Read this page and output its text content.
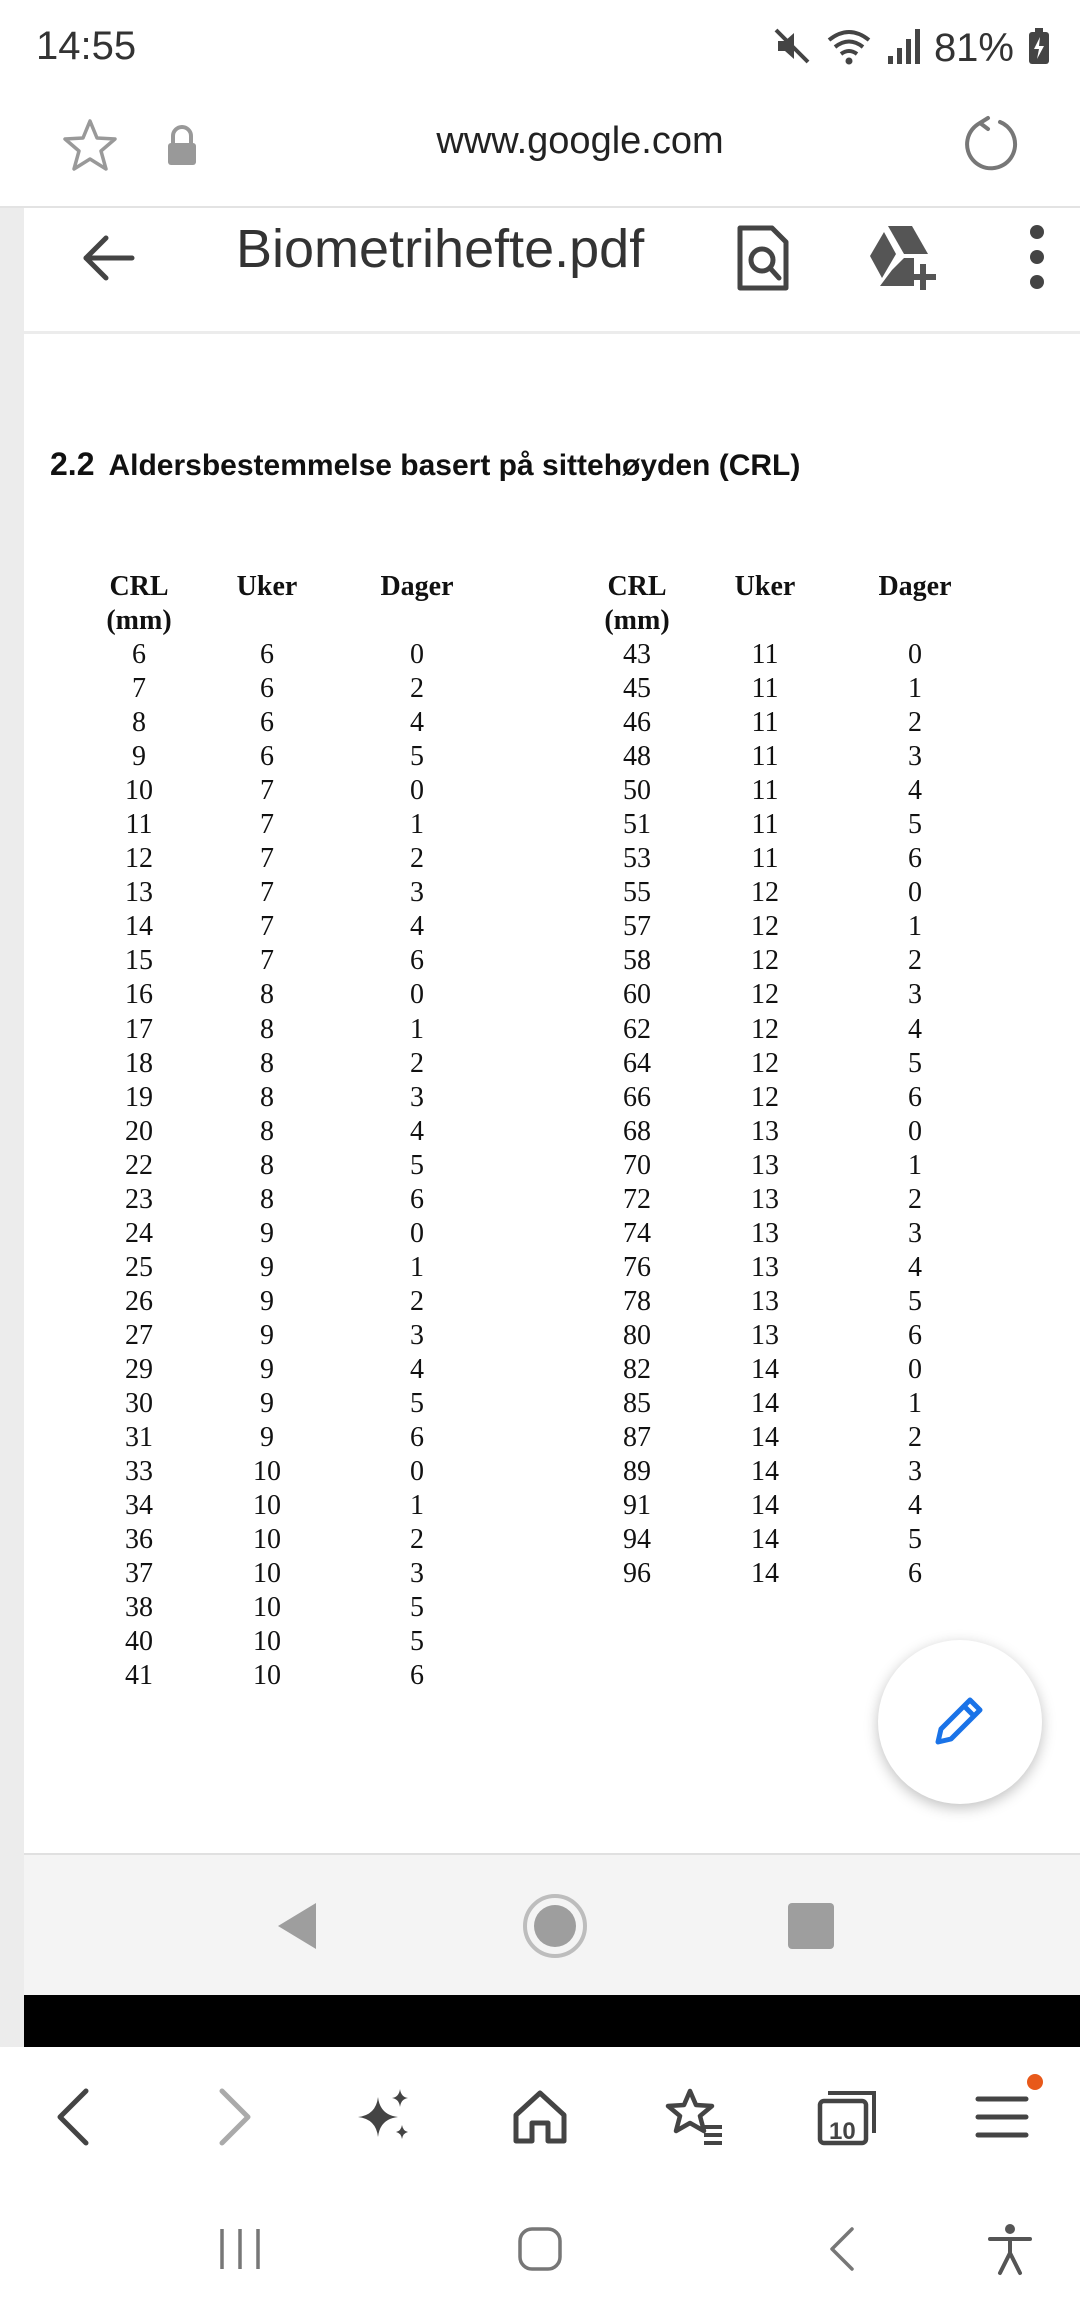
14:55	81%
www.google.com
Biometrihefte.pdf
2.2 Aldersbestemmelse basert på sittehøyden (CRL)
CRL
(mm)
Uker	Dager
6	6	0
7	6	2
8	6	4
9	6	5
10	7	0
11	7	1
12	7	2
13	7	3
14	7	4
15	7	6
16	8	0
17	8	1
18	8	2
19	8	3
20	8	4
22	8	5
23	8	6
24	9	0
25	9	1
26	9	2
27	9	3
29	9	4
30	9	5
31	9	6
33	10	0
34	10	1
36	10	2
37	10	3
38	10	5
40	10	5
41	10	6
CRL
(mm)
Uker	Dager
43	11	0
45	11	1
46	11	2
48	11	3
50	11	4
51	11	5
53	11	6
55	12	0
57	12	1
58	12	2
60	12	3
62	12	4
64	12	5
66	12	6
68	13	0
70	13	1
72	13	2
74	13	3
76	13	4
78	13	5
80	13	6
82	14	0
85	14	1
87	14	2
89	14	3
91	14	4
94	14	5
96	14	6
10
